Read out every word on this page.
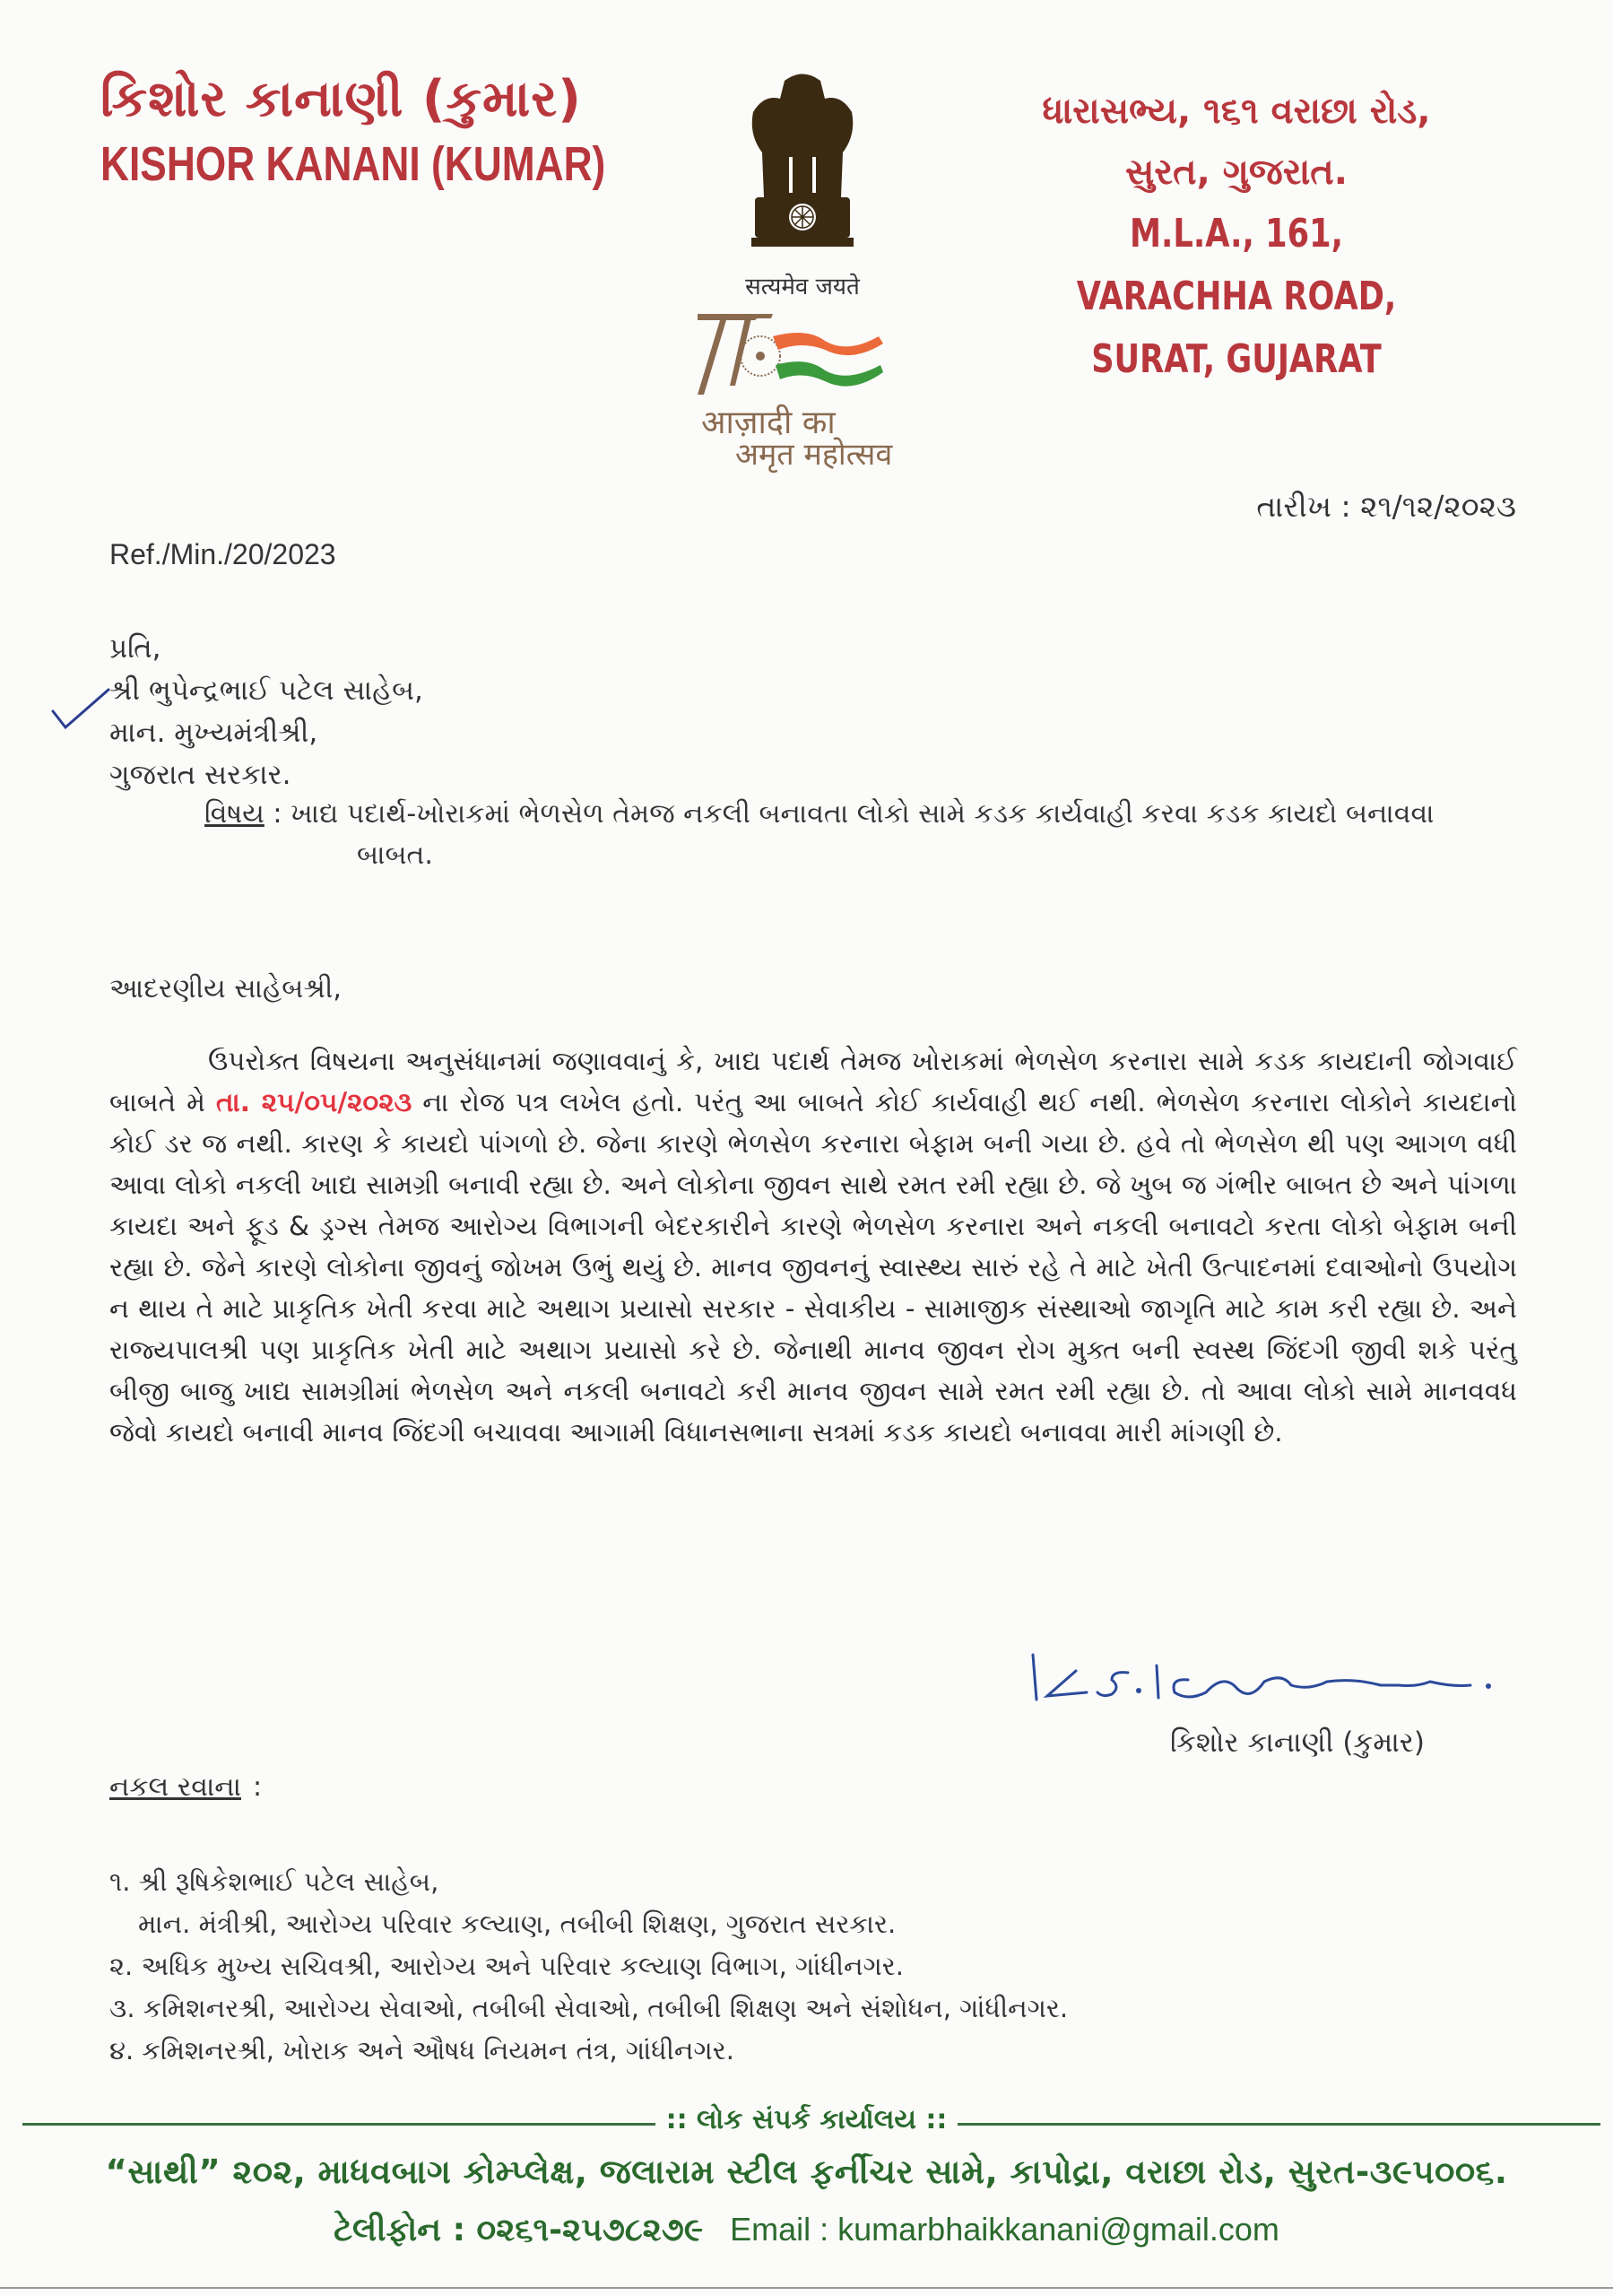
કિશોર કાનાણી (કુમાર)
KISHOR KANANI (KUMAR)
सत्यमेव जयते
आज़ादी का
अमृत महोत्सव
ધારાસભ્ય, ૧૬૧ વરાછા રોડ,
સુરત, ગુજરાત.
M.L.A., 161, VARACHHA ROAD,
SURAT, GUJARAT
તારીખ : ૨૧/૧૨/૨૦૨૩
Ref./Min./20/2023
પ્રતિ,
શ્રી ભુપેન્દ્રભાઈ પટેલ સાહેબ,
માન. મુખ્યમંત્રીશ્રી,
ગુજરાત સરકાર.
વિષય : ખાદ્ય પદાર્થ-ખોરાકમાં ભેળસેળ તેમજ નકલી બનાવતા લોકો સામે કડક કાર્યવાહી કરવા કડક કાયદો બનાવવા
બાબત.
આદરણીય સાહેબશ્રી,
ઉપરોક્ત વિષયના અનુસંધાનમાં જણાવવાનું કે, ખાદ્ય પદાર્થ તેમજ ખોરાકમાં ભેળસેળ કરનારા સામે કડક કાયદાની જોગવાઈ બાબતે મે તા. ૨૫/૦૫/૨૦૨૩ ના રોજ પત્ર લખેલ હતો. પરંતુ આ બાબતે કોઈ કાર્યવાહી થઈ નથી. ભેળસેળ કરનારા લોકોને કાયદાનો કોઈ ડર જ નથી. કારણ કે કાયદો પાંગળો છે. જેના કારણે ભેળસેળ કરનારા બેફામ બની ગયા છે. હવે તો ભેળસેળ થી પણ આગળ વધી આવા લોકો નકલી ખાદ્ય સામગ્રી બનાવી રહ્યા છે. અને લોકોના જીવન સાથે રમત રમી રહ્યા છે. જે ખુબ જ ગંભીર બાબત છે અને પાંગળા કાયદા અને ફૂડ & ડ્રગ્સ તેમજ આરોગ્ય વિભાગની બેદરકારીને કારણે ભેળસેળ કરનારા અને નકલી બનાવટો કરતા લોકો બેફામ બની રહ્યા છે. જેને કારણે લોકોના જીવનું જોખમ ઉભું થયું છે. માનવ જીવનનું સ્વાસ્થ્ય સારું રહે તે માટે ખેતી ઉત્પાદનમાં દવાઓનો ઉપયોગ ન થાય તે માટે પ્રાકૃતિક ખેતી કરવા માટે અથાગ પ્રયાસો સરકાર - સેવાકીય - સામાજીક સંસ્થાઓ જાગૃતિ માટે કામ કરી રહ્યા છે. અને રાજ્યપાલશ્રી પણ પ્રાકૃતિક ખેતી માટે અથાગ પ્રયાસો કરે છે. જેનાથી માનવ જીવન રોગ મુક્ત બની સ્વસ્થ જિંદગી જીવી શકે પરંતુ બીજી બાજુ ખાદ્ય સામગ્રીમાં ભેળસેળ અને નકલી બનાવટો કરી માનવ જીવન સામે રમત રમી રહ્યા છે. તો આવા લોકો સામે માનવવધ જેવો કાયદો બનાવી માનવ જિંદગી બચાવવા આગામી વિધાનસભાના સત્રમાં કડક કાયદો બનાવવા મારી માંગણી છે.
કિશોર કાનાણી (કુમાર)
નકલ રવાના :
૧. શ્રી રૂષિકેશભાઈ પટેલ સાહેબ,
માન. મંત્રીશ્રી, આરોગ્ય પરિવાર કલ્યાણ, તબીબી શિક્ષણ, ગુજરાત સરકાર.
૨. અધિક મુખ્ય સચિવશ્રી, આરોગ્ય અને પરિવાર કલ્યાણ વિભાગ, ગાંધીનગર.
૩. કમિશનરશ્રી, આરોગ્ય સેવાઓ, તબીબી સેવાઓ, તબીબી શિક્ષણ અને સંશોધન, ગાંધીનગર.
૪. કમિશનરશ્રી, ખોરાક અને ઔષધ નિયમન તંત્ર, ગાંધીનગર.
:: લોક સંપર્ક કાર્યાલય ::
“સાથી” ૨૦૨, માધવબાગ કોમ્પ્લેક્ષ, જલારામ સ્ટીલ ફર્નીચર સામે, કાપોદ્રા, વરાછા રોડ, સુરત-૩૯૫૦૦૬.
ટેલીફોન : ૦૨૬૧-૨૫૭૮૨૭૯ Email : kumarbhaikkanani@gmail.com
